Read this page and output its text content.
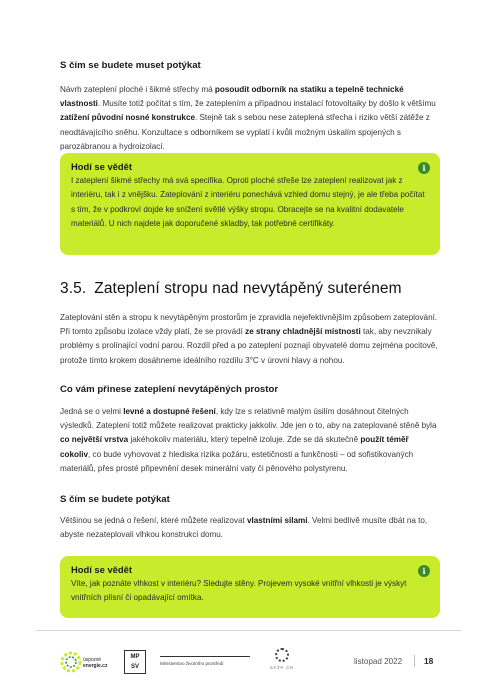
S čím se budete muset potýkat

Návrh zateplení ploché i šikmé střechy má posoudit odborník na statiku a tepelně technické vlastnosti. Musíte totiž počítat s tím, že zateplením a případnou instalací fotovoltaiky by došlo k většímu zatížení původní nosné konstrukce. Stejně tak s sebou nese zateplená střecha i riziko větší zátěže z neodtávajícího sněhu. Konzultace s odborníkem se vyplatí i kvůli možným úskalím spojených s parozábranou a hydroizolací.

i
Hodí se vědět

I zateplení šikmé střechy má svá specifika. Oproti ploché střeše lze zateplení realizovat jak z interiéru, tak i z vnějšku. Zateplování z interiéru ponechává vzhled domu stejný, je ale třeba počítat s tím, že v podkroví dojde ke snížení světlé výšky stropu. Obracejte se na kvalitní dodavatele materiálů. U nich najdete jak doporučené skladby, tak potřebné certifikáty.

3.5. Zateplení stropu nad nevytápěný suterénem

Zateplování stěn a stropu k nevytápěným prostorům je zpravidla nejefektivnějším způsobem zateplování. Při tomto způsobu izolace vždy platí, že se provádí ze strany chladnější místnosti tak, aby nevznikaly problémy s prolínající vodní parou. Rozdíl před a po zateplení poznají obyvatelé domu zejména pocitově, protože tímto krokem dosáhneme ideálního rozdílu 3°C v úrovni hlavy a nohou.

Co vám přinese zateplení nevytápěných prostor

Jedná se o velmi levné a dostupné řešení, kdy lze s relativně malým úsilím dosáhnout čitelných výsledků. Zateplení totiž můžete realizovat prakticky jakkoliv. Jde jen o to, aby na zateplované stěně byla co největší vrstva jakéhokoliv materiálu, který tepelně izoluje. Zde se dá skutečně použít téměř cokoliv, co bude vyhovovat z hlediska rizika požáru, estetičnosti a funkčnosti – od sofistikovaných materiálů, přes prosté připevnění desek minerální vaty či pěnového polystyrenu.

S čím se budete potýkat

Většinou se jedná o řešení, které můžete realizovat vlastními silami. Velmi bedlivě musíte dbát na to, abyste nezateplovali vlhkou konstrukci domu.

i
Hodí se vědět

Víte, jak poznáte vlhkost v interiéru? Sledujte stěny. Projevem vysoké vnitřní vlhkosti je výskyt vnitřních plísní či opadávající omítka.

úsporné
energie.cz
MP
SV
Ministerstvo životního prostředí
SFŽP ČR
listopad 2022	18
